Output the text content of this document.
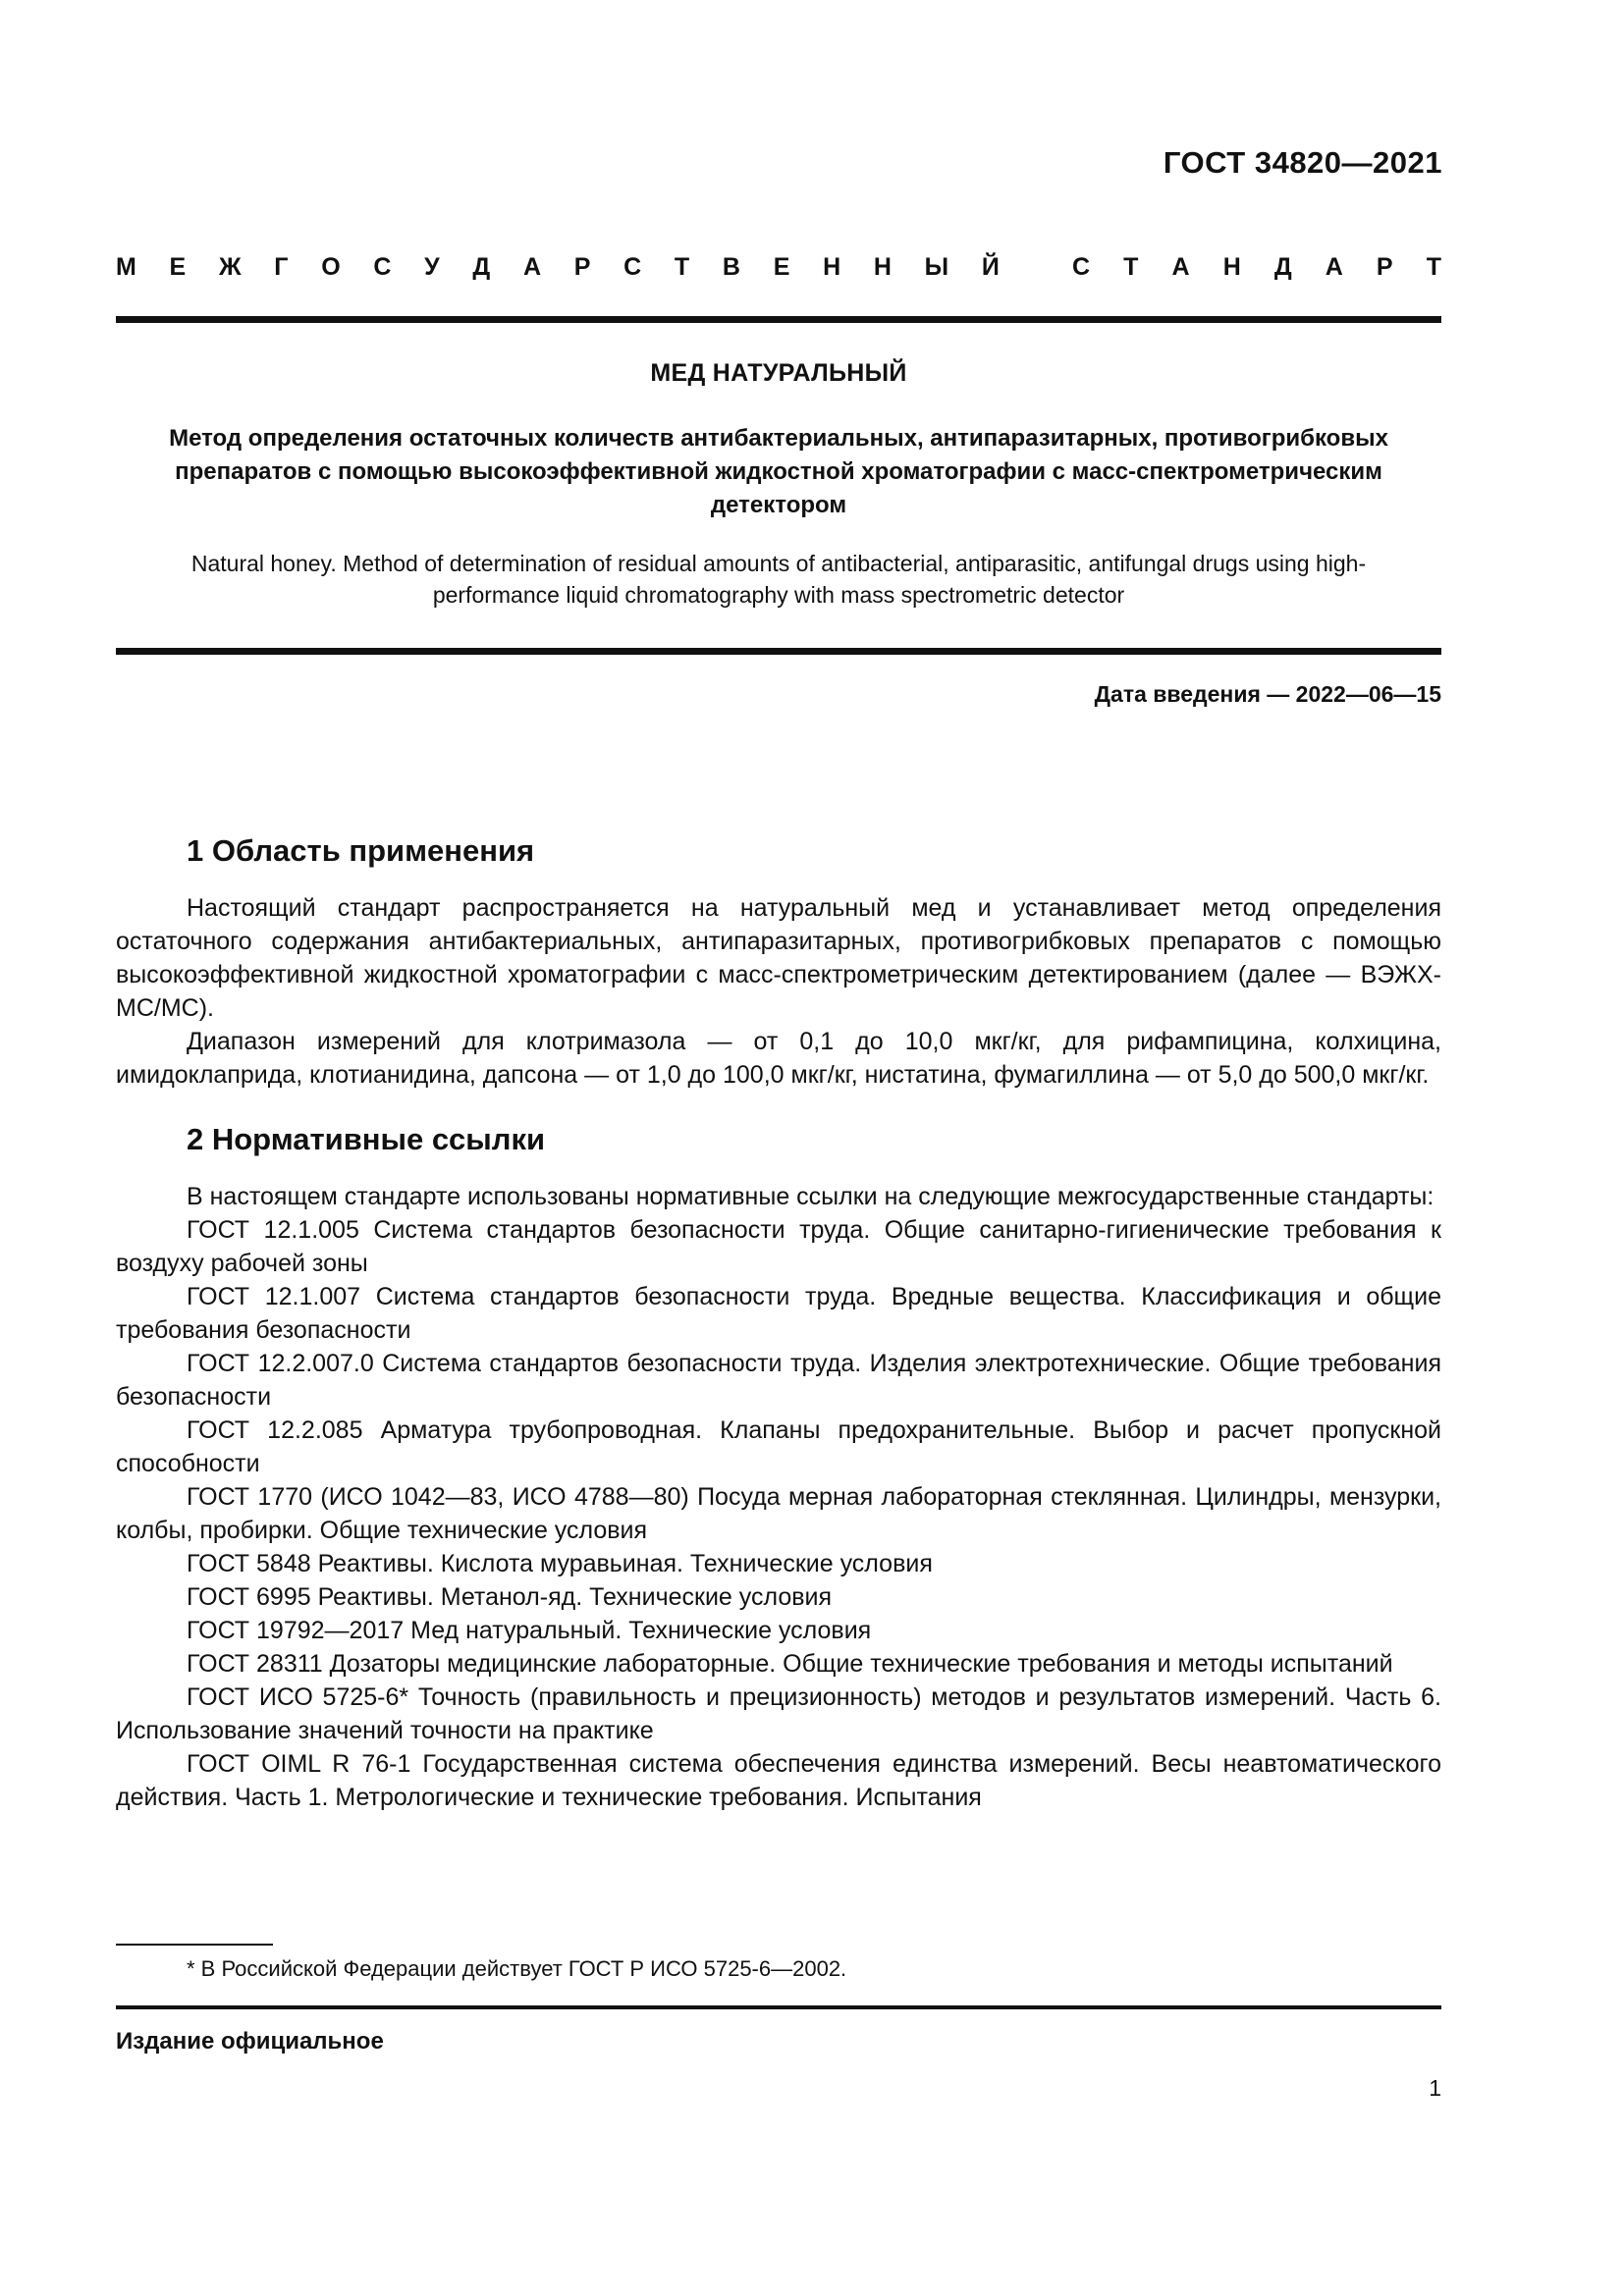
ГОСТ 34820—2021
М Е Ж Г О С У Д А Р С Т В Е Н Н Ы Й	С Т А Н Д А Р Т
МЕД НАТУРАЛЬНЫЙ
Метод определения остаточных количеств антибактериальных, антипаразитарных, противогрибковых препаратов с помощью высокоэффективной жидкостной хроматографии с масс-спектрометрическим детектором
Natural honey. Method of determination of residual amounts of antibacterial, antiparasitic, antifungal drugs using high-performance liquid chromatography with mass spectrometric detector
Дата введения — 2022—06—15
1 Область применения

Настоящий стандарт распространяется на натуральный мед и устанавливает метод определения остаточного содержания антибактериальных, антипаразитарных, противогрибковых препаратов с помощью высокоэффективной жидкостной хроматографии с масс-спектрометрическим детектированием (далее — ВЭЖХ-МС/МС).

Диапазон измерений для клотримазола — от 0,1 до 10,0 мкг/кг, для рифампицина, колхицина, имидоклаприда, клотианидина, дапсона — от 1,0 до 100,0 мкг/кг, нистатина, фумагиллина — от 5,0 до 500,0 мкг/кг.

2 Нормативные ссылки

В настоящем стандарте использованы нормативные ссылки на следующие межгосударственные стандарты:

ГОСТ 12.1.005 Система стандартов безопасности труда. Общие санитарно-гигиенические требования к воздуху рабочей зоны

ГОСТ 12.1.007 Система стандартов безопасности труда. Вредные вещества. Классификация и общие требования безопасности

ГОСТ 12.2.007.0 Система стандартов безопасности труда. Изделия электротехнические. Общие требования безопасности

ГОСТ 12.2.085 Арматура трубопроводная. Клапаны предохранительные. Выбор и расчет пропускной способности

ГОСТ 1770 (ИСО 1042—83, ИСО 4788—80) Посуда мерная лабораторная стеклянная. Цилиндры, мензурки, колбы, пробирки. Общие технические условия

ГОСТ 5848 Реактивы. Кислота муравьиная. Технические условия

ГОСТ 6995 Реактивы. Метанол-яд. Технические условия

ГОСТ 19792—2017 Мед натуральный. Технические условия

ГОСТ 28311 Дозаторы медицинские лабораторные. Общие технические требования и методы испытаний

ГОСТ ИСО 5725-6* Точность (правильность и прецизионность) методов и результатов измерений. Часть 6. Использование значений точности на практике

ГОСТ OIML R 76-1 Государственная система обеспечения единства измерений. Весы неавтоматического действия. Часть 1. Метрологические и технические требования. Испытания

* В Российской Федерации действует ГОСТ Р ИСО 5725-6—2002.
Издание официальное
1
